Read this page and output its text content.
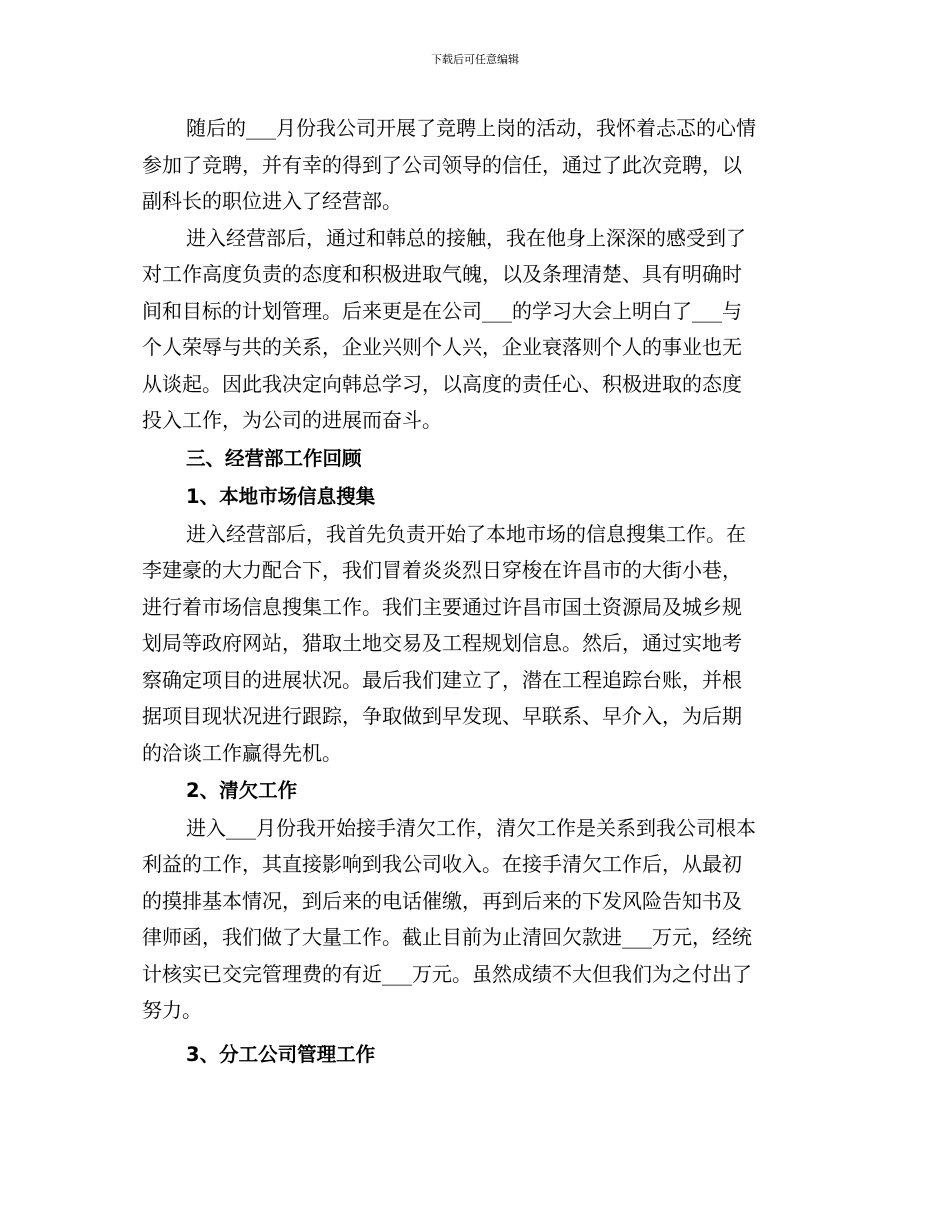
下载后可任意编辑
随后的___月份我公司开展了竞聘上岗的活动，我怀着忐忑的心情
参加了竞聘，并有幸的得到了公司领导的信任，通过了此次竞聘，以
副科长的职位进入了经营部。
进入经营部后，通过和韩总的接触，我在他身上深深的感受到了
对工作高度负责的态度和积极进取气魄，以及条理清楚、具有明确时
间和目标的计划管理。后来更是在公司___的学习大会上明白了___与
个人荣辱与共的关系，企业兴则个人兴，企业衰落则个人的事业也无
从谈起。因此我决定向韩总学习，以高度的责任心、积极进取的态度
投入工作，为公司的进展而奋斗。
三、经营部工作回顾
1、本地市场信息搜集
进入经营部后，我首先负责开始了本地市场的信息搜集工作。在
李建豪的大力配合下，我们冒着炎炎烈日穿梭在许昌市的大街小巷，
进行着市场信息搜集工作。我们主要通过许昌市国土资源局及城乡规
划局等政府网站，猎取土地交易及工程规划信息。然后，通过实地考
察确定项目的进展状况。最后我们建立了，潜在工程追踪台账，并根
据项目现状况进行跟踪，争取做到早发现、早联系、早介入，为后期
的洽谈工作赢得先机。
2、清欠工作
进入___月份我开始接手清欠工作，清欠工作是关系到我公司根本
利益的工作，其直接影响到我公司收入。在接手清欠工作后，从最初
的摸排基本情况，到后来的电话催缴，再到后来的下发风险告知书及
律师函，我们做了大量工作。截止目前为止清回欠款进___万元，经统
计核实已交完管理费的有近___万元。虽然成绩不大但我们为之付出了
努力。
3、分工公司管理工作
